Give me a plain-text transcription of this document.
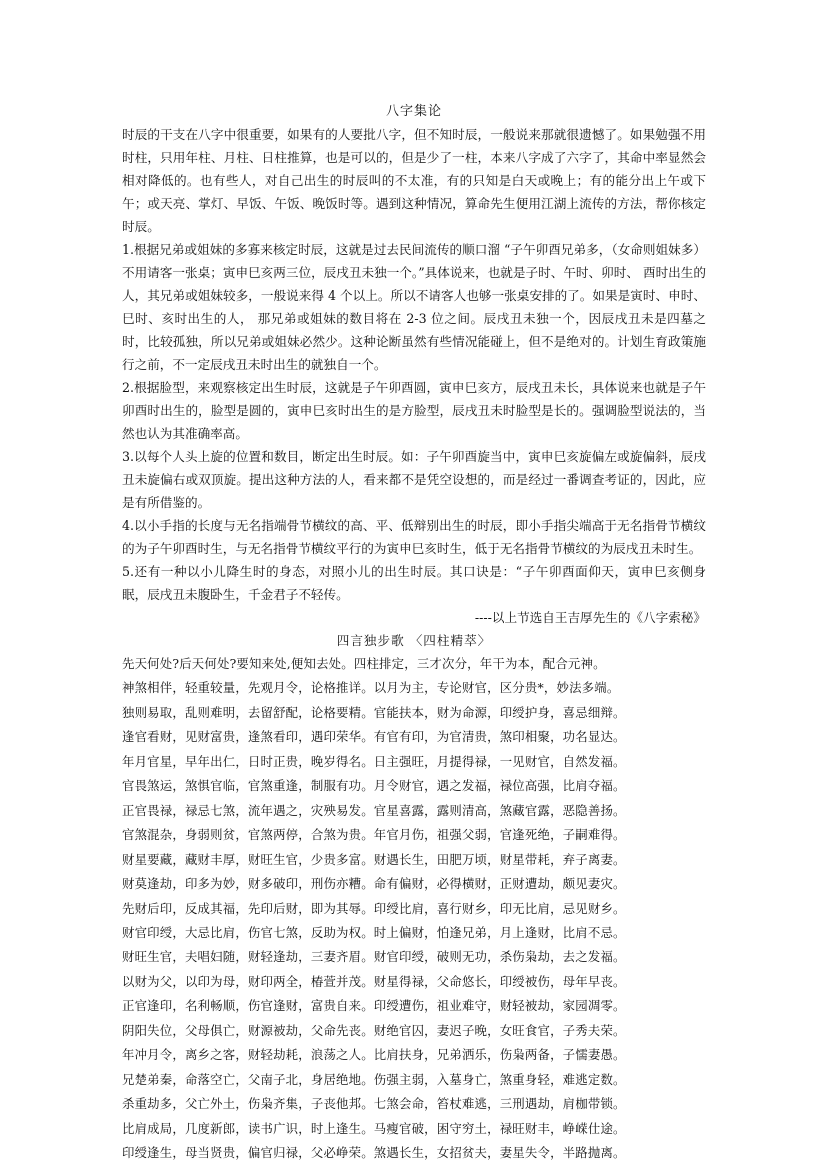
八字集论

时辰的干支在八字中很重要，如果有的人要批八字，但不知时辰，一般说来那就很遗憾了。如果勉强不用时柱，只用年柱、月柱、日柱推算，也是可以的，但是少了一柱，本来八字成了六字了，其命中率显然会相对降低的。也有些人，对自己出生的时辰叫的不太准，有的只知是白天或晚上；有的能分出上午或下午；或天亮、掌灯、早饭、午饭、晚饭时等。遇到这种情况，算命先生便用江湖上流传的方法，帮你核定时辰。

1.根据兄弟或姐妹的多寡来核定时辰，这就是过去民间流传的顺口溜 “子午卯酉兄弟多，（女命则姐妹多）不用请客一张桌；寅申巳亥两三位，辰戌丑未独一个。”具体说来，也就是子时、午时、卯时、 酉时出生的人，其兄弟或姐妹较多，一般说来得 4 个以上。所以不请客人也够一张桌安排的了。如果是寅时、申时、巳时、亥时出生的人， 那兄弟或姐妹的数目将在 2-3 位之间。辰戌丑未独一个，因辰戌丑未是四墓之时，比较孤独，所以兄弟或姐妹必然少。这种论断虽然有些情况能碰上，但不是绝对的。计划生育政策施行之前，不一定辰戌丑未时出生的就独自一个。

2.根据脸型，来观察核定出生时辰，这就是子午卯酉圆，寅申巳亥方，辰戌丑未长，具体说来也就是子午卯酉时出生的，脸型是圆的，寅申巳亥时出生的是方脸型，辰戌丑未时脸型是长的。强调脸型说法的，当然也认为其准确率高。

3.以每个人头上旋的位置和数目，断定出生时辰。如：子午卯酉旋当中，寅申巳亥旋偏左或旋偏斜，辰戌丑未旋偏右或双顶旋。提出这种方法的人，看来都不是凭空设想的，而是经过一番调查考证的，因此，应是有所借鉴的。

4.以小手指的长度与无名指端骨节横纹的高、平、低辩别出生的时辰，即小手指尖端高于无名指骨节横纹的为子午卯酉时生，与无名指骨节横纹平行的为寅申巳亥时生，低于无名指骨节横纹的为辰戌丑未时生。

5.还有一种以小儿降生时的身态，对照小儿的出生时辰。其口诀是：“子午卯酉面仰天，寅申巳亥侧身眠，辰戌丑未腹卧生，千金君子不轻传。

----以上节选自王吉厚先生的《八字索秘》
四言独步歌 〈四柱精萃〉
先天何处?后天何处?要知来处,便知去处。四柱排定，三才次分，年干为本，配合元神。
神煞相伴，轻重较量，先观月令，论格推详。以月为主，专论财官，区分贵*，妙法多端。
独则易取，乱则难明，去留舒配，论格要精。官能扶本，财为命源，印绶护身，喜忌细辩。
逢官看财，见财富贵，逢煞看印，遇印荣华。有官有印，为官清贵，煞印相聚，功名显达。
年月官星，早年出仁，日时正贵，晚岁得名。日主强旺，月提得禄，一见财官，自然发福。
官畏煞运，煞惧官临，官煞重逢，制服有功。月令财官，遇之发福，禄位高强，比肩夺福。
正官畏禄，禄忌七煞，流年遇之，灾殃易发。官星喜露，露则清高，煞藏官露，恶隐善扬。
官煞混杂，身弱则贫，官煞两停，合煞为贵。年官月伤，祖强父弱，官逢死绝，子嗣难得。
财星要藏，藏财丰厚，财旺生官，少贵多富。财遇长生，田肥万顷，财星带耗，弃子离妻。
财莫逢劫，印多为妙，财多破印，刑伤亦糟。命有偏财，必得横财，正财遭劫，颇见妻灾。
先财后印，反成其福，先印后财，即为其辱。印绶比肩，喜行财乡，印无比肩，忌见财乡。
财官印绶，大忌比肩，伤官七煞，反助为权。时上偏财，怕逢兄弟，月上逢财，比肩不忌。
财旺生官，夫唱妇随，财轻逢劫，三妻齐眉。财官印绶，破则无功，杀伤枭劫，去之发福。
以财为父，以印为母，财印两全，椿萱并茂。财星得禄，父命悠长，印绶被伤，母年早丧。
正官逢印，名利畅顺，伤官逢财，富贵自来。印绶遭伤，祖业难守，财轻被劫，家园凋零。
阴阳失位，父母俱亡，财源被劫，父命先丧。财绝官囚，妻迟子晚，女旺食官，子秀夫荣。
年冲月令，离乡之客，财轻劫耗，浪荡之人。比肩扶身，兄弟洒乐，伤枭两备，子懦妻愚。
兄楚弟秦，命落空亡，父南子北，身居绝地。伤强主弱，入墓身亡，煞重身轻，难逃定数。
杀重劫多，父亡外土，伤枭齐集，子丧他邦。七煞会命，笞杖难逃，三刑遇劫，肩枷带锁。
比肩成局，几度新郎，读书广识，时上逢生。马瘦官破，困守穷土，禄旺财丰，峥嵘仕途。
印绶逢生，母当贤贵，偏官归禄，父必峥荣。煞遇长生，女招贫夫，妻星失令，半路抛离。
